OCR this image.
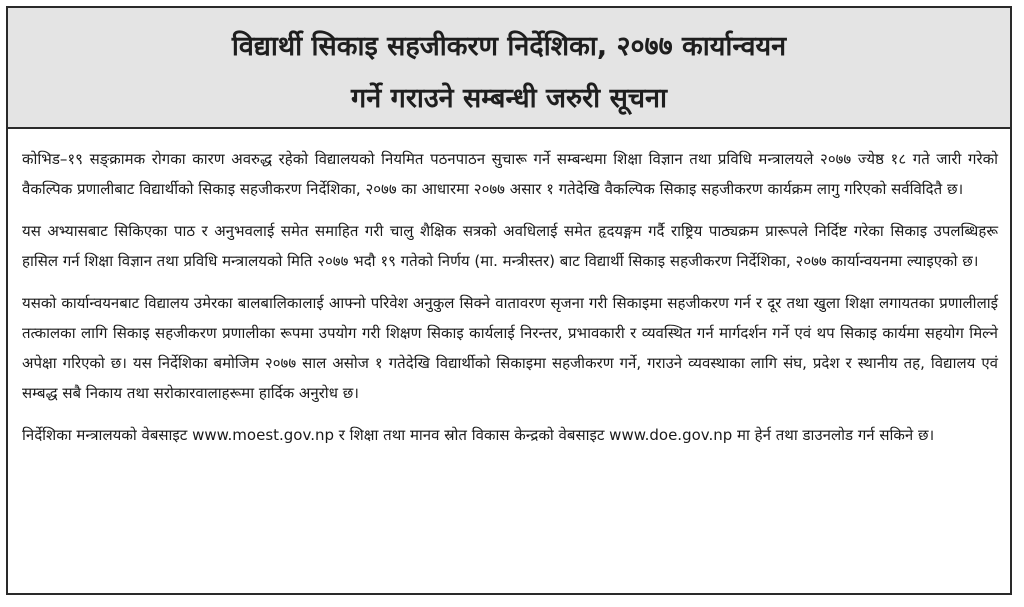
विद्यार्थी सिकाइ सहजीकरण निर्देशिका, २०७७ कार्यान्वयन
गर्ने गराउने सम्बन्धी जरुरी सूचना

कोभिड–१९ सङ्क्रामक रोगका कारण अवरुद्ध रहेको विद्यालयको नियमित पठनपाठन सुचारू गर्ने सम्बन्धमा शिक्षा विज्ञान तथा प्रविधि मन्त्रालयले २०७७ ज्येष्ठ १८ गते जारी गरेको वैकल्पिक प्रणालीबाट विद्यार्थीको सिकाइ सहजीकरण निर्देशिका, २०७७ का आधारमा २०७७ असार १ गतेदेखि वैकल्पिक सिकाइ सहजीकरण कार्यक्रम लागु गरिएको सर्वविदितै छ।

यस अभ्यासबाट सिकिएका पाठ र अनुभवलाई समेत समाहित गरी चालु शैक्षिक सत्रको अवधिलाई समेत हृदयङ्गम गर्दै राष्ट्रिय पाठ्यक्रम प्रारूपले निर्दिष्ट गरेका सिकाइ उपलब्धिहरू हासिल गर्न शिक्षा विज्ञान तथा प्रविधि मन्त्रालयको मिति २०७७ भदौ १९ गतेको निर्णय (मा. मन्त्रीस्तर) बाट विद्यार्थी सिकाइ सहजीकरण निर्देशिका, २०७७ कार्यान्वयनमा ल्याइएको छ।

यसको कार्यान्वयनबाट विद्यालय उमेरका बालबालिकालाई आफ्नो परिवेश अनुकुल सिक्ने वातावरण सृजना गरी सिकाइमा सहजीकरण गर्न र दूर तथा खुला शिक्षा लगायतका प्रणालीलाई तत्कालका लागि सिकाइ सहजीकरण प्रणालीका रूपमा उपयोग गरी शिक्षण सिकाइ कार्यलाई निरन्तर, प्रभावकारी र व्यवस्थित गर्न मार्गदर्शन गर्ने एवं थप सिकाइ कार्यमा सहयोग मिल्ने अपेक्षा गरिएको छ। यस निर्देशिका बमोजिम २०७७ साल असोज १ गतेदेखि विद्यार्थीको सिकाइमा सहजीकरण गर्ने, गराउने व्यवस्थाका लागि संघ, प्रदेश र स्थानीय तह, विद्यालय एवं सम्बद्ध सबै निकाय तथा सरोकारवालाहरूमा हार्दिक अनुरोध छ।

निर्देशिका मन्त्रालयको वेबसाइट www.moest.gov.np र शिक्षा तथा मानव स्रोत विकास केन्द्रको वेबसाइट www.doe.gov.np मा हेर्न तथा डाउनलोड गर्न सकिने छ।
